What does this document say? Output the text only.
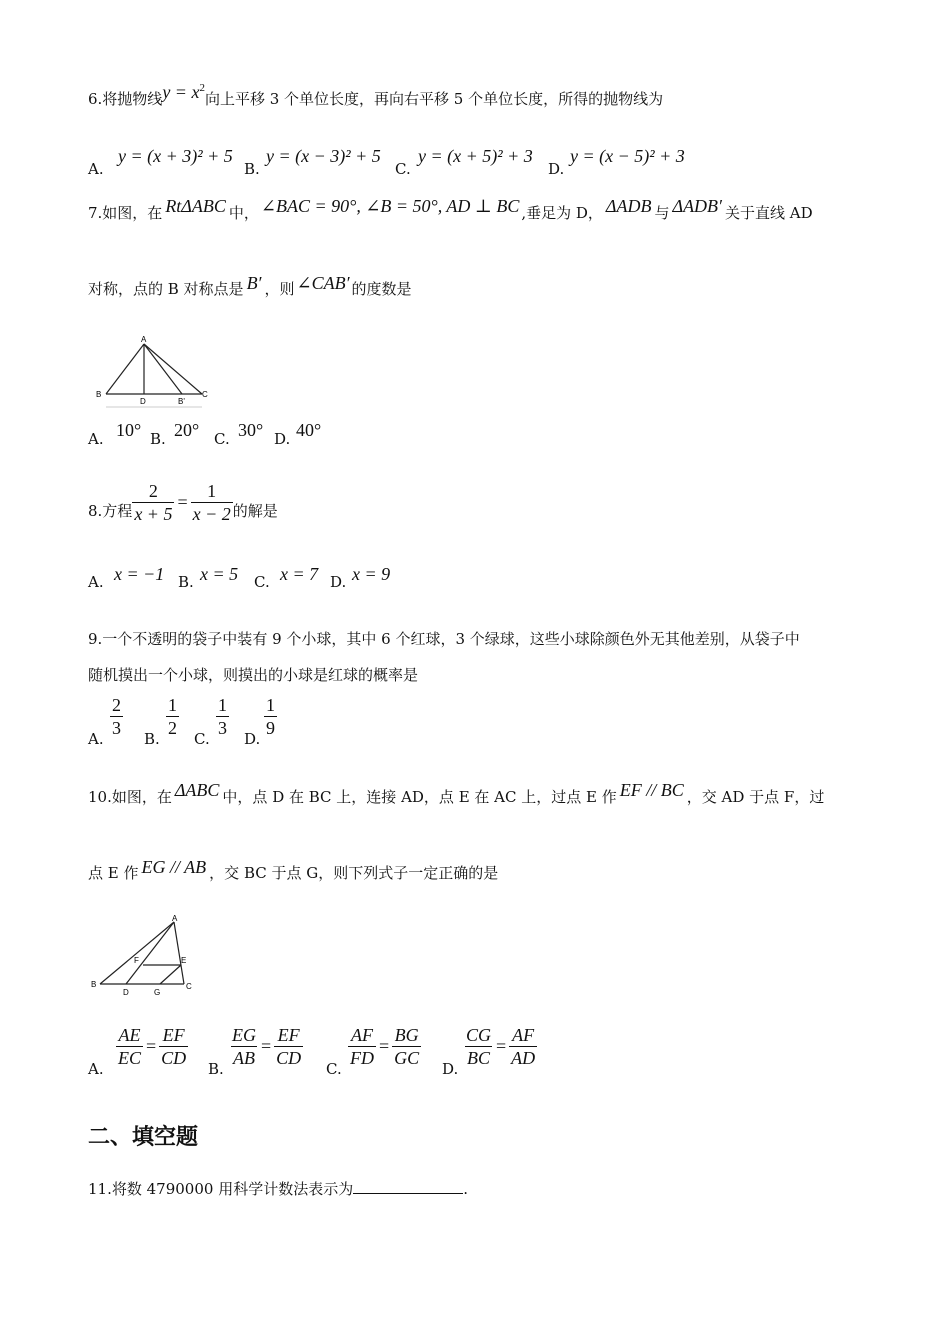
6.将抛物线$y = x^2$向上平移 3 个单位长度，再向右平移 5 个单位长度，所得的抛物线为
A.
y = (x + 3)² + 5
B.
y = (x − 3)² + 5
C.
y = (x + 5)² + 3
D.
y = (x − 5)² + 3
7.如图，在 RtΔABC 中， ∠BAC = 90°, ∠B = 50°, AD ⊥ BC ,垂足为 D， ΔADB 与 ΔADB′ 关于直线 AD
对称，点的 B 对称点是 B′ ，则 ∠CAB′ 的度数是
A
B
D	B'
C
A. 10° B. 20° C. 30° D. 40°
8.方程 $\frac{2}{x + 5} = \frac{1}{x - 2}$ 的解是
A. x = −1 B. x = 5 C. x = 7 D. x = 9
9.一个不透明的袋子中装有 9 个小球，其中 6 个红球，3 个绿球，这些小球除颜色外无其他差别，从袋子中
随机摸出一个小球，则摸出的小球是红球的概率是
A. $\frac{2}{3} B$. $\frac{1}{2} C$. $\frac{1}{3} D$. $\frac{1}{9}$
10.如图，在 ΔABC 中，点 D 在 BC 上，连接 AD，点 E 在 AC 上，过点 E 作 EF // BC ，交 AD 于点 F，过
点 E 作 EG // AB ，交 BC 于点 G，则下列式子一定正确的是
A
F	E
B
D	G
C
A. $\frac{AE}{EC} = \frac{EF}{CD} B$. $\frac{EG}{AB} = \frac{EF}{CD} C$. $\frac{AF}{FD} = \frac{BG}{GC} D$. $\frac{CG}{BC} = \frac{AF}{AD}$
二、填空题
11.将数 4790000 用科学计数法表示为	.
